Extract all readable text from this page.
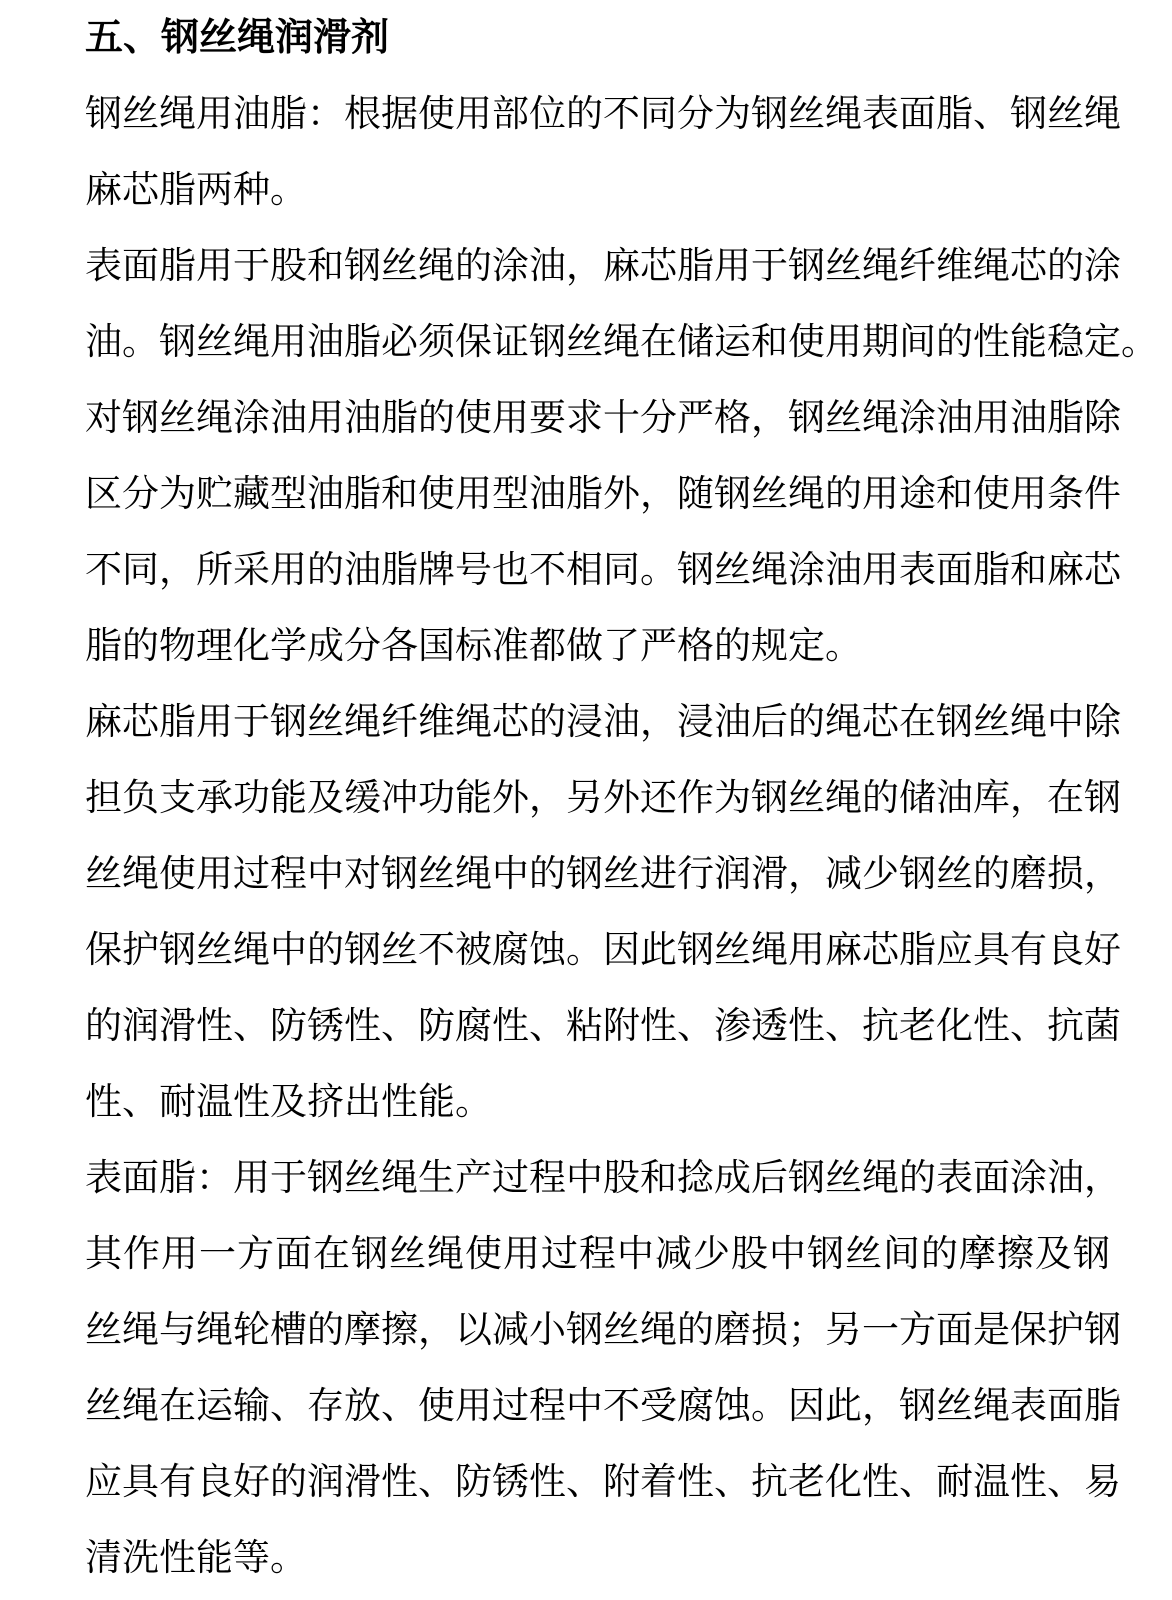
五、钢丝绳润滑剂
钢丝绳用油脂：根据使用部位的不同分为钢丝绳表面脂、钢丝绳
麻芯脂两种。
表面脂用于股和钢丝绳的涂油，麻芯脂用于钢丝绳纤维绳芯的涂
油。钢丝绳用油脂必须保证钢丝绳在储运和使用期间的性能稳定。
对钢丝绳涂油用油脂的使用要求十分严格，钢丝绳涂油用油脂除
区分为贮藏型油脂和使用型油脂外，随钢丝绳的用途和使用条件
不同，所采用的油脂牌号也不相同。钢丝绳涂油用表面脂和麻芯
脂的物理化学成分各国标准都做了严格的规定。
麻芯脂用于钢丝绳纤维绳芯的浸油，浸油后的绳芯在钢丝绳中除
担负支承功能及缓冲功能外，另外还作为钢丝绳的储油库，在钢
丝绳使用过程中对钢丝绳中的钢丝进行润滑，减少钢丝的磨损，
保护钢丝绳中的钢丝不被腐蚀。因此钢丝绳用麻芯脂应具有良好
的润滑性、防锈性、防腐性、粘附性、渗透性、抗老化性、抗菌
性、耐温性及挤出性能。
表面脂：用于钢丝绳生产过程中股和捻成后钢丝绳的表面涂油，
其作用一方面在钢丝绳使用过程中减少股中钢丝间的摩擦及钢
丝绳与绳轮槽的摩擦，以减小钢丝绳的磨损；另一方面是保护钢
丝绳在运输、存放、使用过程中不受腐蚀。因此，钢丝绳表面脂
应具有良好的润滑性、防锈性、附着性、抗老化性、耐温性、易
清洗性能等。
